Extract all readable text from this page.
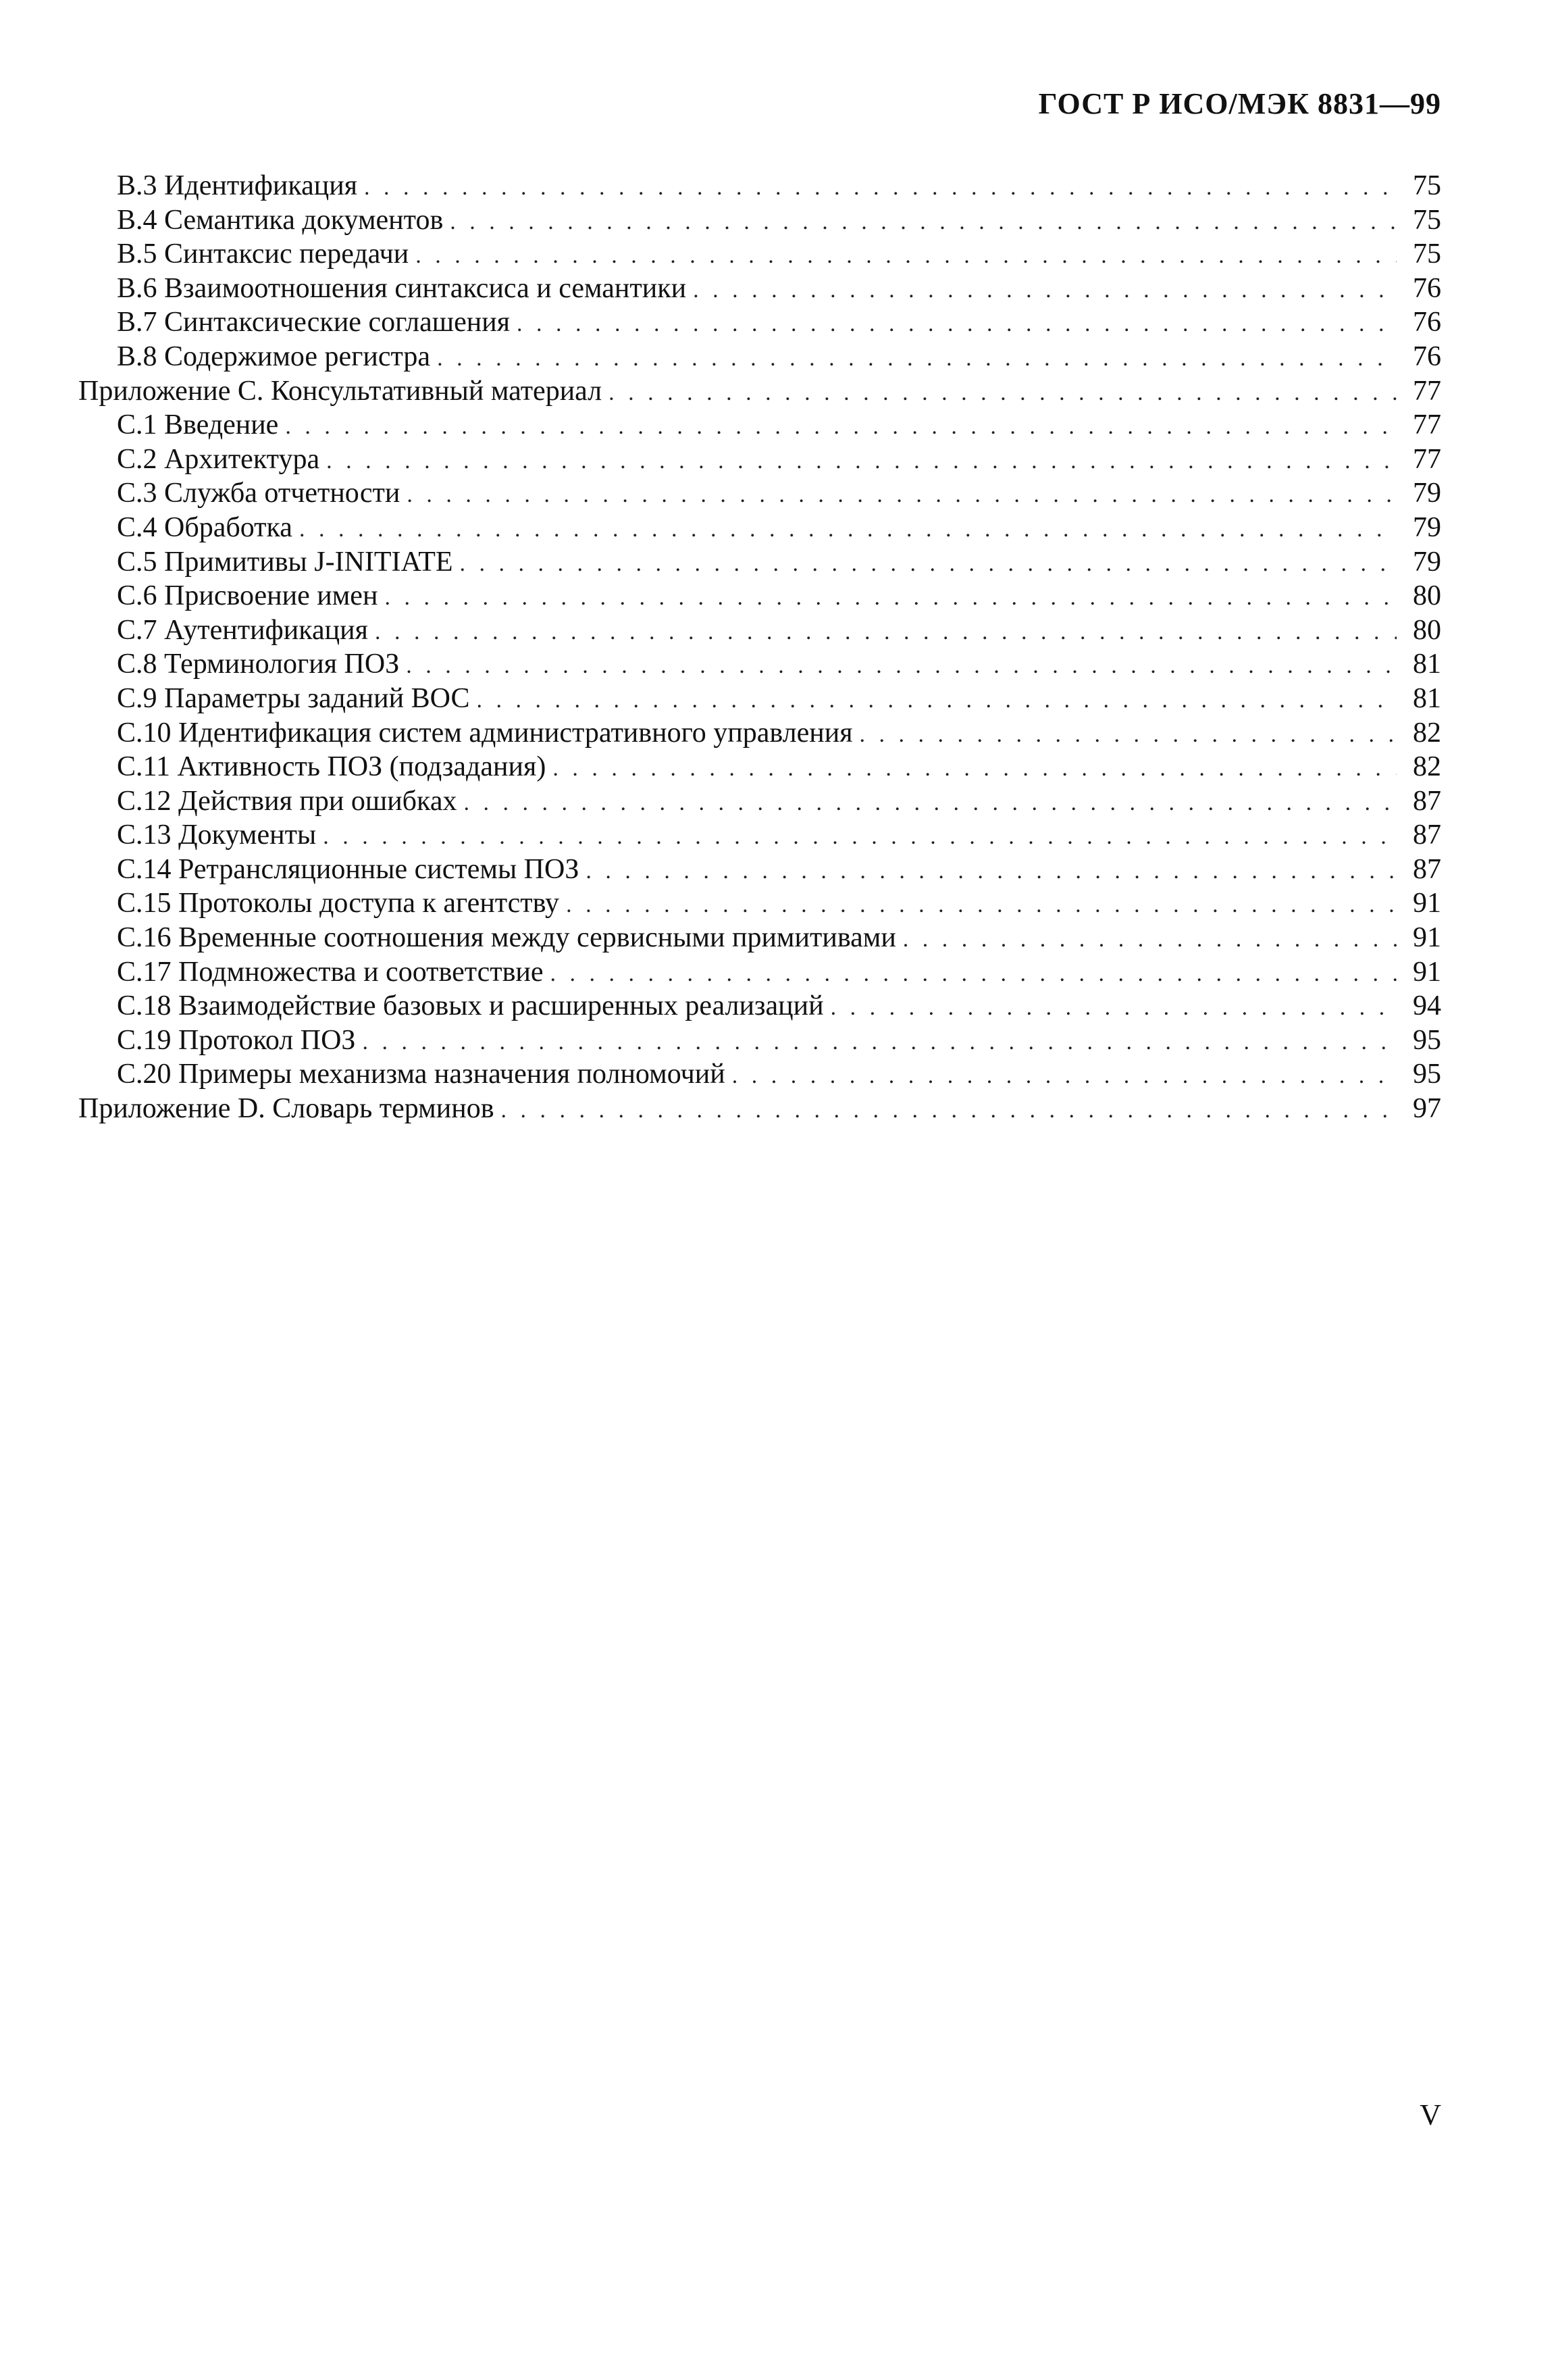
ГОСТ Р ИСО/МЭК 8831—99
B.3 Идентификация . . .	75
B.4 Семантика документов . . .	75
B.5 Синтаксис передачи . . .	75
B.6 Взаимоотношения синтаксиса и семантики . . .	76
B.7 Синтаксические соглашения . . .	76
B.8 Содержимое регистра . . .	76
Приложение С. Консультативный материал . . .	77
С.1 Введение . . .	77
С.2 Архитектура . . .	77
С.3 Служба отчетности . . .	79
С.4 Обработка . . .	79
С.5 Примитивы J-INITIATE . . .	79
С.6 Присвоение имен . . .	80
С.7 Аутентификация . . .	80
С.8 Терминология ПОЗ . . .	81
С.9 Параметры заданий ВОС . . .	81
С.10 Идентификация систем административного управления . . .	82
С.11 Активность ПОЗ (подзадания) . . .	82
С.12 Действия при ошибках . . .	87
С.13 Документы . . .	87
С.14 Ретрансляционные системы ПОЗ . . .	87
С.15 Протоколы доступа к агентству . . .	91
С.16 Временные соотношения между сервисными примитивами . . .	91
С.17 Подмножества и соответствие . . .	91
С.18 Взаимодействие базовых и расширенных реализаций . . .	94
С.19 Протокол ПОЗ . . .	95
С.20 Примеры механизма назначения полномочий . . .	95
Приложение D. Словарь терминов . . .	97
V
